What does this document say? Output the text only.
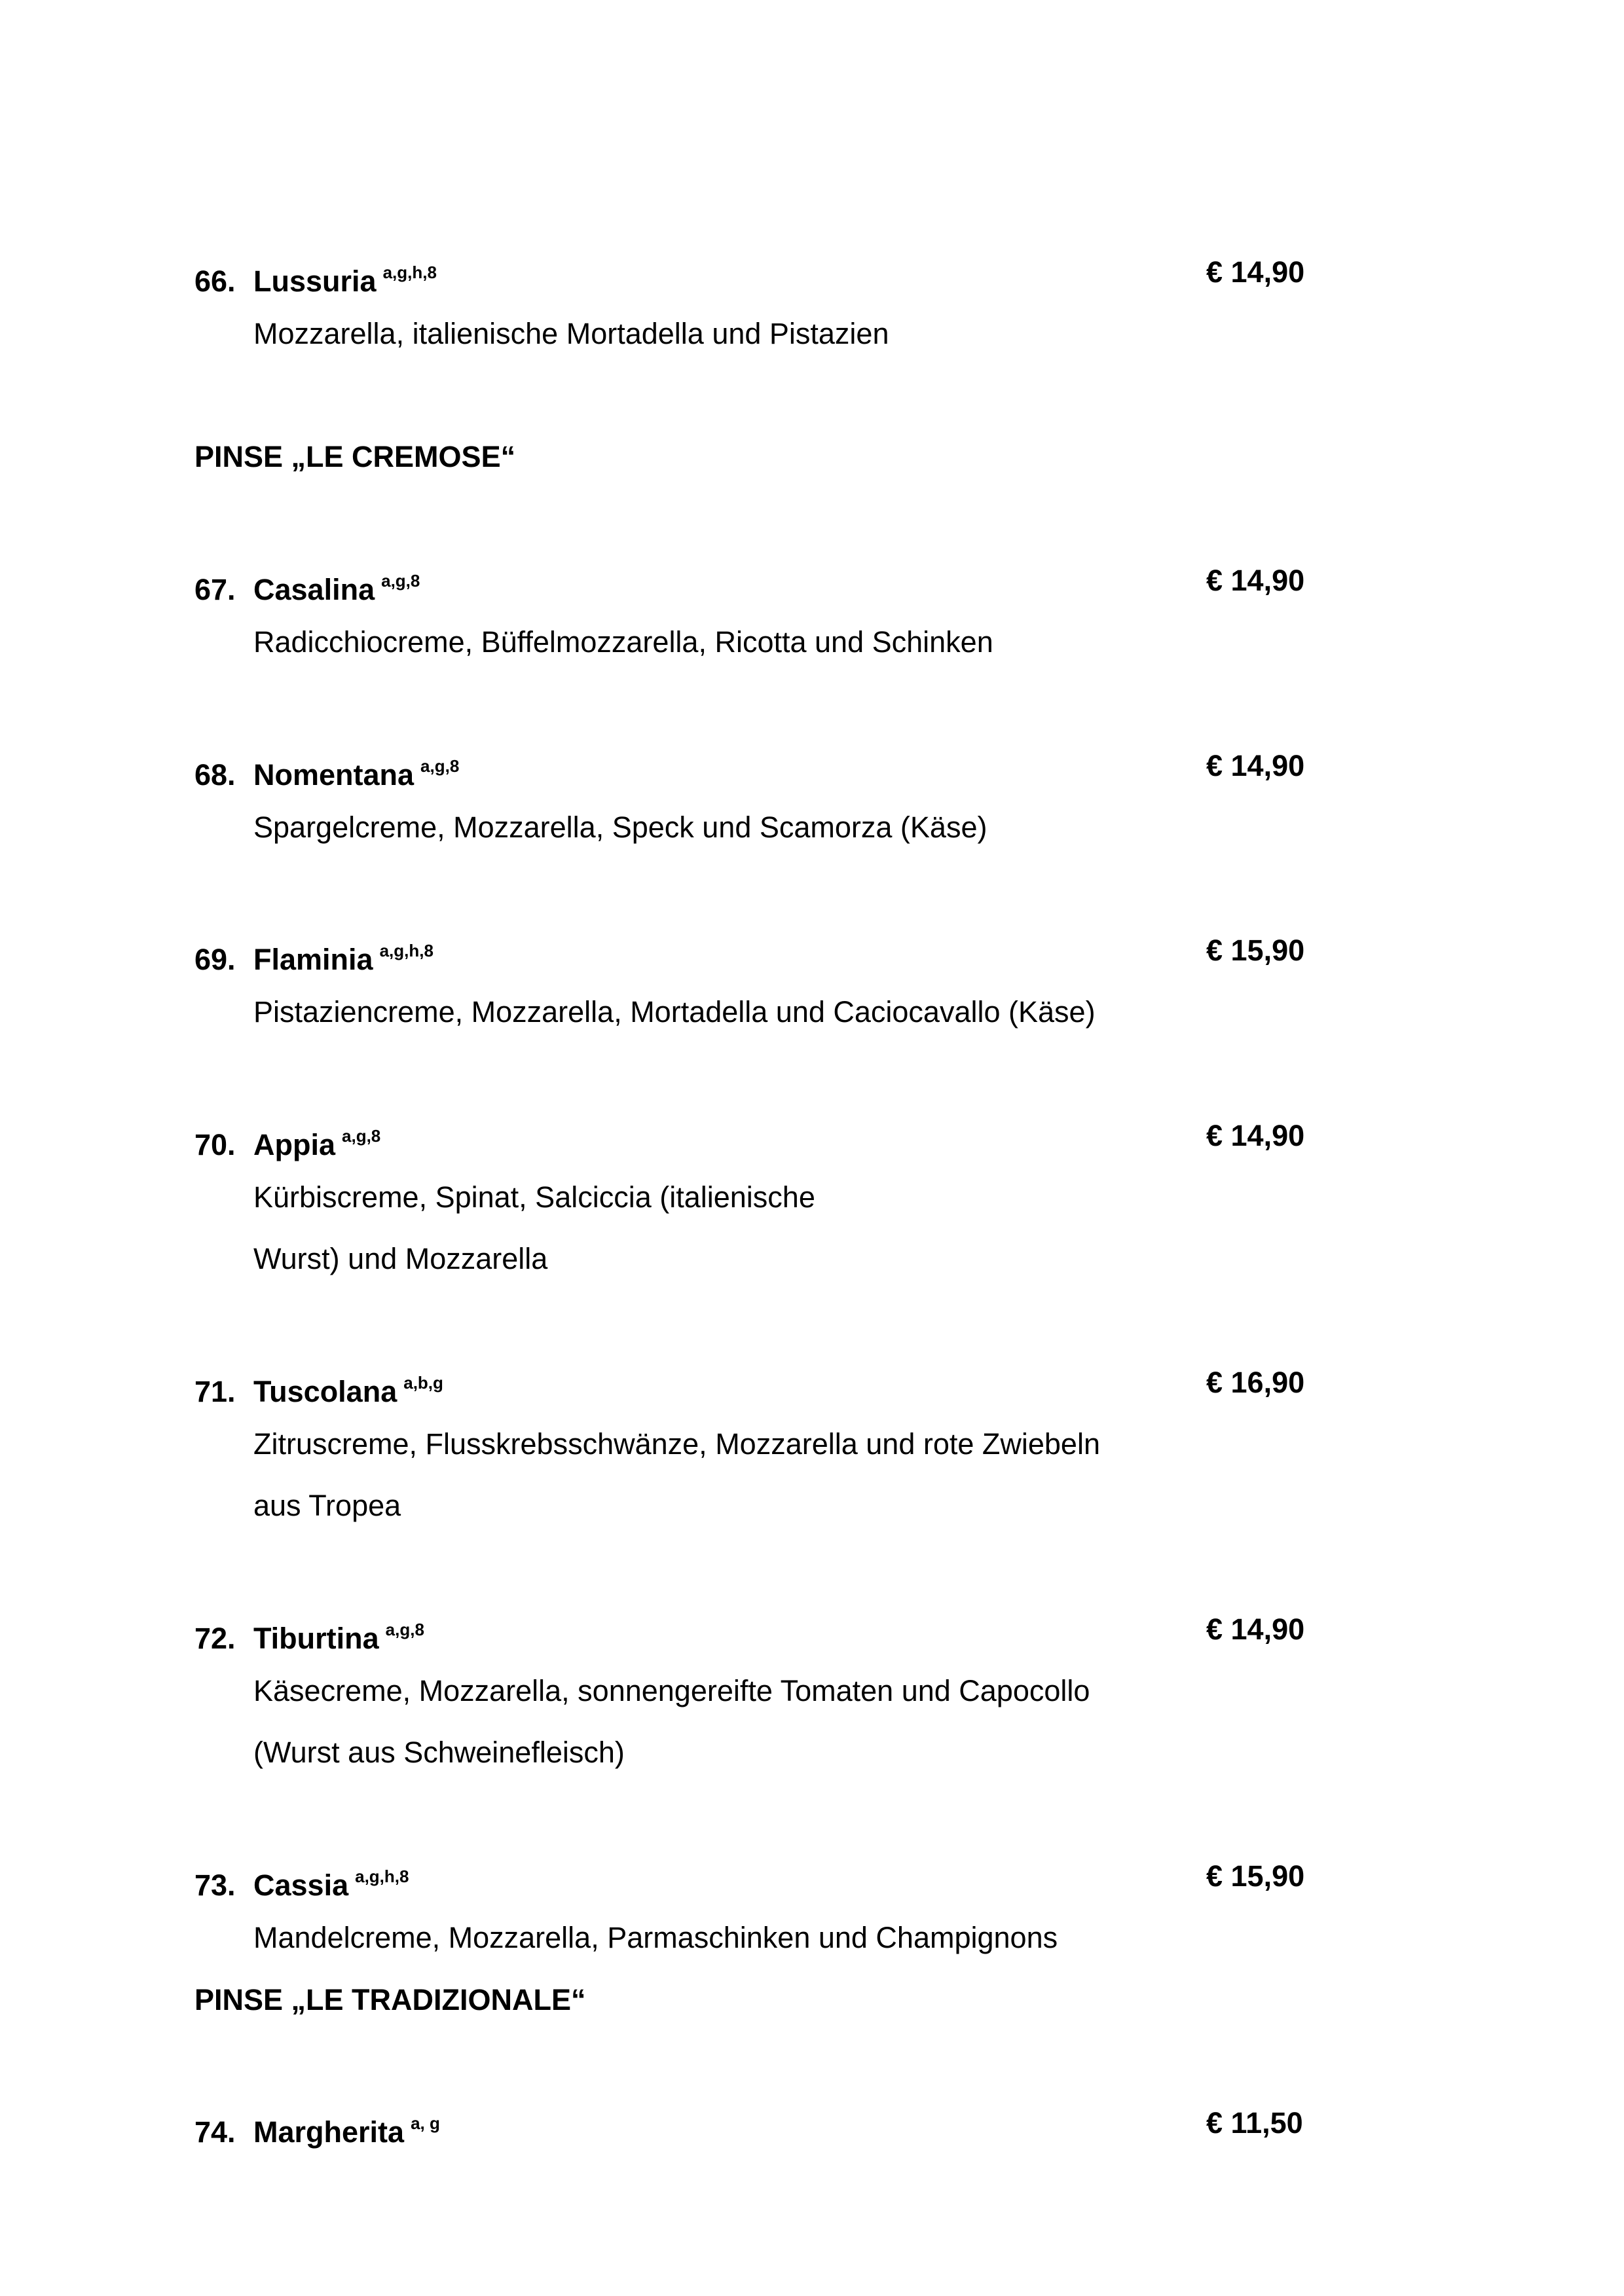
66. Lussuria $^{a,g,h,8}$	€ 14,90
Mozzarella, italienische Mortadella und Pistazien
PINSE „LE CREMOSE“
67. Casalina $^{a,g,8}$	€ 14,90
Radicchiocreme, Büffelmozzarella, Ricotta und Schinken
68. Nomentana $^{a,g,8}$	€ 14,90
Spargelcreme, Mozzarella, Speck und Scamorza (Käse)
69. Flaminia $^{a,g,h,8}$	€ 15,90
Pistaziencreme, Mozzarella, Mortadella und Caciocavallo (Käse)
70. Appia $^{a,g,8}$	€ 14,90
Kürbiscreme, Spinat, Salciccia (italienische
Wurst) und Mozzarella
71. Tuscolana $^{a,b,g}$	€ 16,90
Zitruscreme, Flusskrebsschwänze, Mozzarella und rote Zwiebeln
aus Tropea
72. Tiburtina $^{a,g,8}$	€ 14,90
Käsecreme, Mozzarella, sonnengereifte Tomaten und Capocollo
(Wurst aus Schweinefleisch)
73. Cassia $^{a,g,h,8}$	€ 15,90
Mandelcreme, Mozzarella, Parmaschinken und Champignons
PINSE „LE TRADIZIONALE“
74. Margherita $^{a, g}$	€ 11,50
